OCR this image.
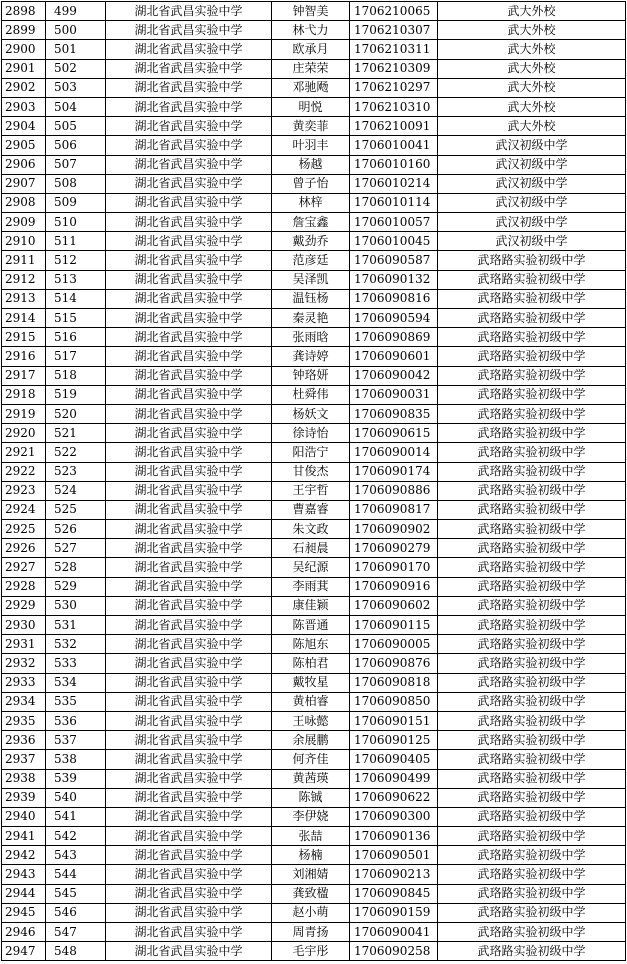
2898	499	湖北省武昌实验中学	钟智美	1706210065	武大外校
2899	500	湖北省武昌实验中学	林弋力	1706210307	武大外校
2900	501	湖北省武昌实验中学	欧承月	1706210311	武大外校
2901	502	湖北省武昌实验中学	庄荣荣	1706210309	武大外校
2902	503	湖北省武昌实验中学	邓驰飏	1706210297	武大外校
2903	504	湖北省武昌实验中学	明悦	1706210310	武大外校
2904	505	湖北省武昌实验中学	黄奕菲	1706210091	武大外校
2905	506	湖北省武昌实验中学	叶羽丰	1706010041	武汉初级中学
2906	507	湖北省武昌实验中学	杨越	1706010160	武汉初级中学
2907	508	湖北省武昌实验中学	曾子怡	1706010214	武汉初级中学
2908	509	湖北省武昌实验中学	林梓	1706010114	武汉初级中学
2909	510	湖北省武昌实验中学	詹宝鑫	1706010057	武汉初级中学
2910	511	湖北省武昌实验中学	戴劲乔	1706010045	武汉初级中学
2911	512	湖北省武昌实验中学	范彦廷	1706090587	武珞路实验初级中学
2912	513	湖北省武昌实验中学	吴泽凯	1706090132	武珞路实验初级中学
2913	514	湖北省武昌实验中学	温钰杨	1706090816	武珞路实验初级中学
2914	515	湖北省武昌实验中学	秦灵艳	1706090594	武珞路实验初级中学
2915	516	湖北省武昌实验中学	张雨晗	1706090869	武珞路实验初级中学
2916	517	湖北省武昌实验中学	龚诗婷	1706090601	武珞路实验初级中学
2917	518	湖北省武昌实验中学	钟珞妍	1706090042	武珞路实验初级中学
2918	519	湖北省武昌实验中学	杜舜伟	1706090031	武珞路实验初级中学
2919	520	湖北省武昌实验中学	杨妖文	1706090835	武珞路实验初级中学
2920	521	湖北省武昌实验中学	徐诗怡	1706090615	武珞路实验初级中学
2921	522	湖北省武昌实验中学	阳浩宁	1706090014	武珞路实验初级中学
2922	523	湖北省武昌实验中学	甘俊杰	1706090174	武珞路实验初级中学
2923	524	湖北省武昌实验中学	王宇哲	1706090886	武珞路实验初级中学
2924	525	湖北省武昌实验中学	曹嘉睿	1706090817	武珞路实验初级中学
2925	526	湖北省武昌实验中学	朱文政	1706090902	武珞路实验初级中学
2926	527	湖北省武昌实验中学	石昶晨	1706090279	武珞路实验初级中学
2927	528	湖北省武昌实验中学	吴纪源	1706090170	武珞路实验初级中学
2928	529	湖北省武昌实验中学	李雨萁	1706090916	武珞路实验初级中学
2929	530	湖北省武昌实验中学	康佳颖	1706090602	武珞路实验初级中学
2930	531	湖北省武昌实验中学	陈晋通	1706090115	武珞路实验初级中学
2931	532	湖北省武昌实验中学	陈旭东	1706090005	武珞路实验初级中学
2932	533	湖北省武昌实验中学	陈柏君	1706090876	武珞路实验初级中学
2933	534	湖北省武昌实验中学	戴牧星	1706090818	武珞路实验初级中学
2934	535	湖北省武昌实验中学	黄柏睿	1706090850	武珞路实验初级中学
2935	536	湖北省武昌实验中学	王咏懿	1706090151	武珞路实验初级中学
2936	537	湖北省武昌实验中学	余展鹏	1706090125	武珞路实验初级中学
2937	538	湖北省武昌实验中学	何齐佳	1706090405	武珞路实验初级中学
2938	539	湖北省武昌实验中学	黄茜瑛	1706090499	武珞路实验初级中学
2939	540	湖北省武昌实验中学	陈铖	1706090622	武珞路实验初级中学
2940	541	湖北省武昌实验中学	李伊娆	1706090300	武珞路实验初级中学
2941	542	湖北省武昌实验中学	张喆	1706090136	武珞路实验初级中学
2942	543	湖北省武昌实验中学	杨楠	1706090501	武珞路实验初级中学
2943	544	湖北省武昌实验中学	刘湘婧	1706090213	武珞路实验初级中学
2944	545	湖北省武昌实验中学	龚致楹	1706090845	武珞路实验初级中学
2945	546	湖北省武昌实验中学	赵小萌	1706090159	武珞路实验初级中学
2946	547	湖北省武昌实验中学	周青扬	1706090041	武珞路实验初级中学
2947	548	湖北省武昌实验中学	毛宇彤	1706090258	武珞路实验初级中学
